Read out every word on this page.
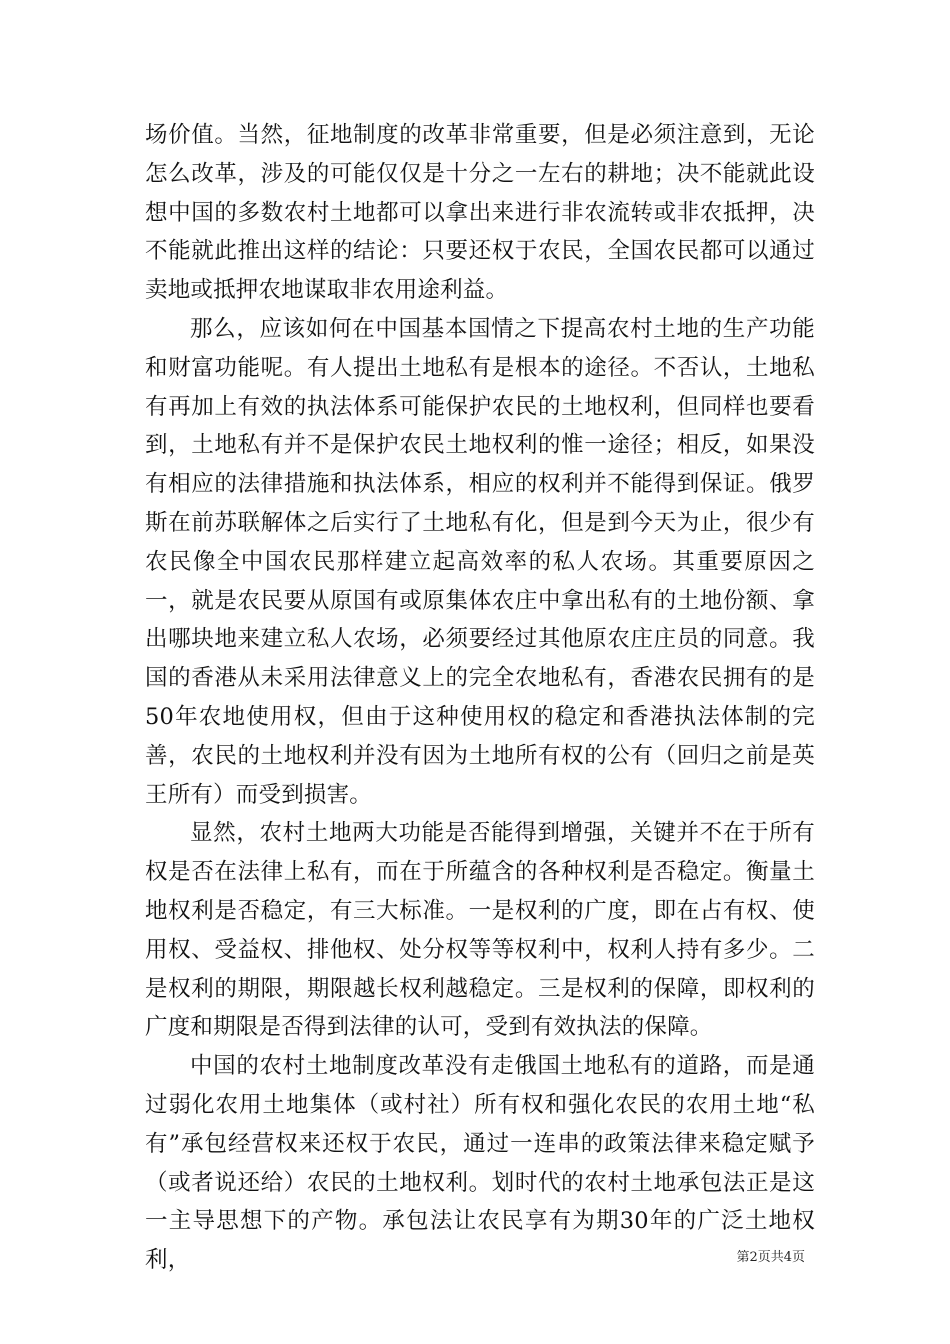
场价值。当然，征地制度的改革非常重要，但是必须注意到，无论怎么改革，涉及的可能仅仅是十分之一左右的耕地；决不能就此设想中国的多数农村土地都可以拿出来进行非农流转或非农抵押，决不能就此推出这样的结论：只要还权于农民，全国农民都可以通过卖地或抵押农地谋取非农用途利益。

那么，应该如何在中国基本国情之下提高农村土地的生产功能和财富功能呢。有人提出土地私有是根本的途径。不否认，土地私有再加上有效的执法体系可能保护农民的土地权利，但同样也要看到，土地私有并不是保护农民土地权利的惟一途径；相反，如果没有相应的法律措施和执法体系，相应的权利并不能得到保证。俄罗斯在前苏联解体之后实行了土地私有化，但是到今天为止，很少有农民像全中国农民那样建立起高效率的私人农场。其重要原因之一，就是农民要从原国有或原集体农庄中拿出私有的土地份额、拿出哪块地来建立私人农场，必须要经过其他原农庄庄员的同意。我国的香港从未采用法律意义上的完全农地私有，香港农民拥有的是50年农地使用权，但由于这种使用权的稳定和香港执法体制的完善，农民的土地权利并没有因为土地所有权的公有（回归之前是英王所有）而受到损害。

显然，农村土地两大功能是否能得到增强，关键并不在于所有权是否在法律上私有，而在于所蕴含的各种权利是否稳定。衡量土地权利是否稳定，有三大标准。一是权利的广度，即在占有权、使用权、受益权、排他权、处分权等等权利中，权利人持有多少。二是权利的期限，期限越长权利越稳定。三是权利的保障，即权利的广度和期限是否得到法律的认可，受到有效执法的保障。

中国的农村土地制度改革没有走俄国土地私有的道路，而是通过弱化农用土地集体（或村社）所有权和强化农民的农用土地“私有”承包经营权来还权于农民，通过一连串的政策法律来稳定赋予（或者说还给）农民的土地权利。划时代的农村土地承包法正是这一主导思想下的产物。承包法让农民享有为期30年的广泛土地权利，	第2页共4页
